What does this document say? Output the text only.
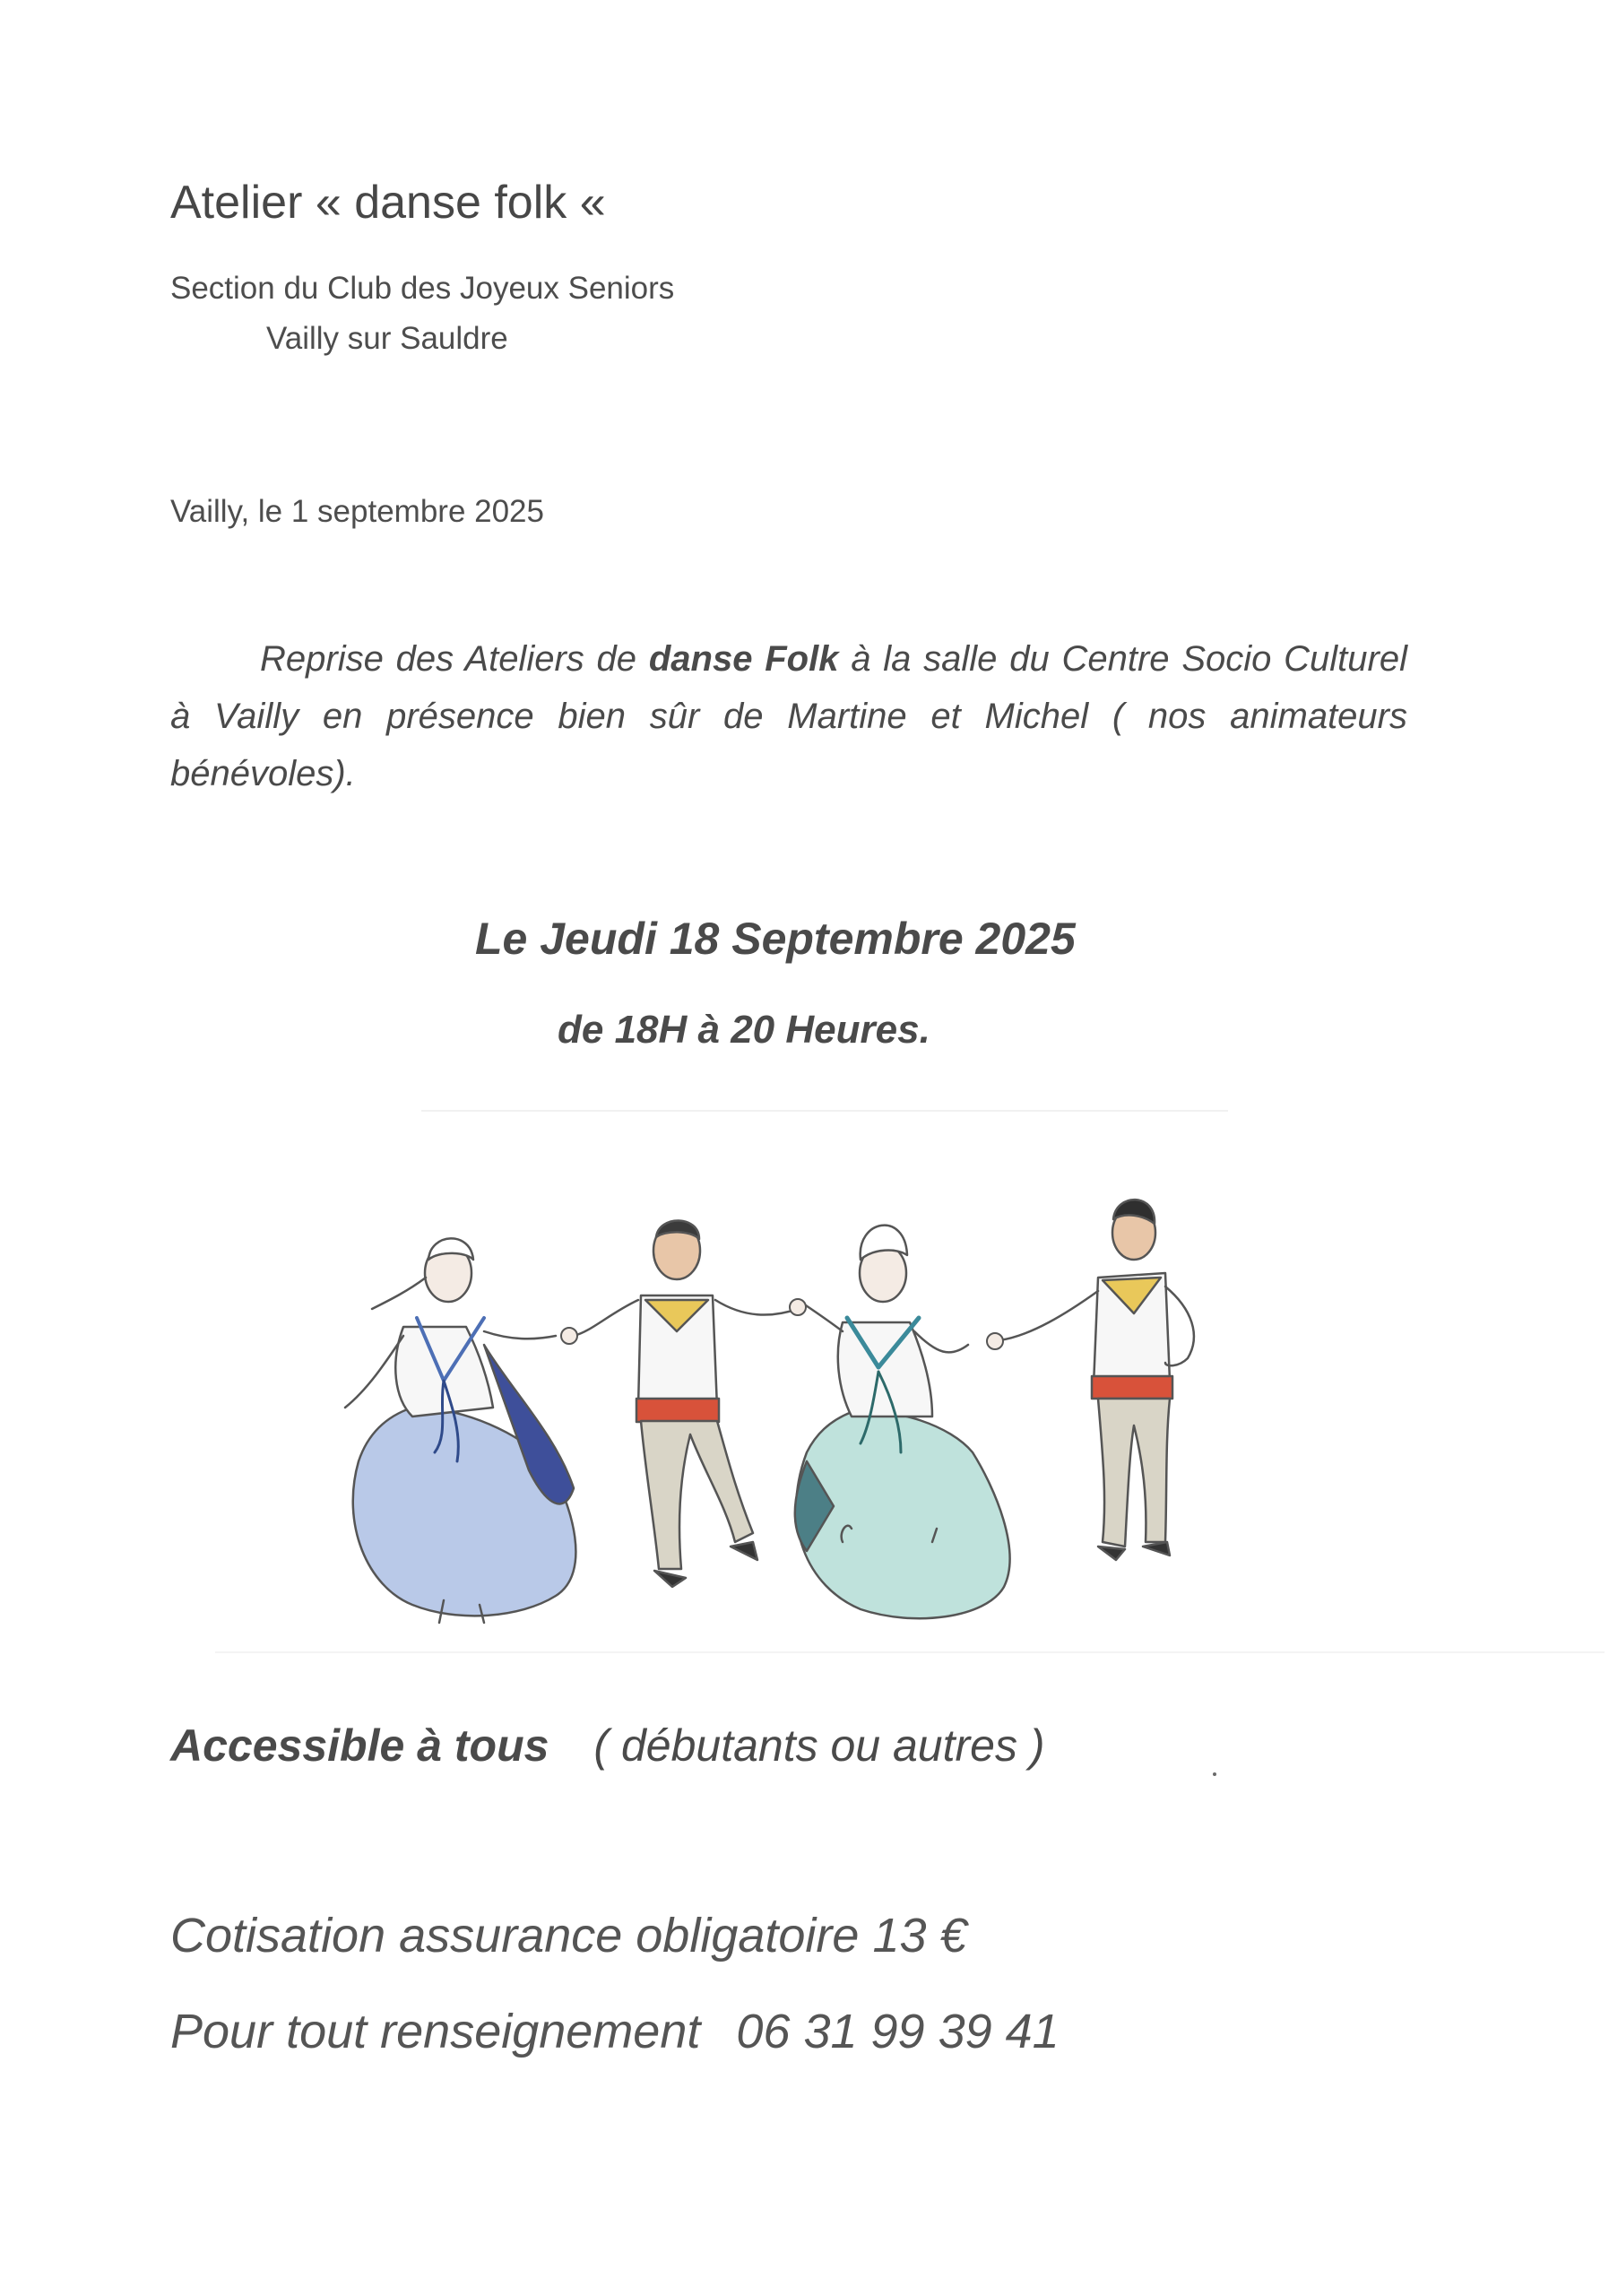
Atelier « danse folk «
Section du Club des Joyeux Seniors
Vailly sur Sauldre
Vailly, le 1 septembre 2025
Reprise des Ateliers de danse Folk à la salle du Centre Socio Culturel à Vailly en présence bien sûr de Martine et Michel ( nos animateurs bénévoles).
Le Jeudi 18 Septembre 2025
de 18H à 20 Heures.
Accessible à tous ( débutants ou autres )
Cotisation assurance obligatoire 13 €
Pour tout renseignement 06 31 99 39 41
